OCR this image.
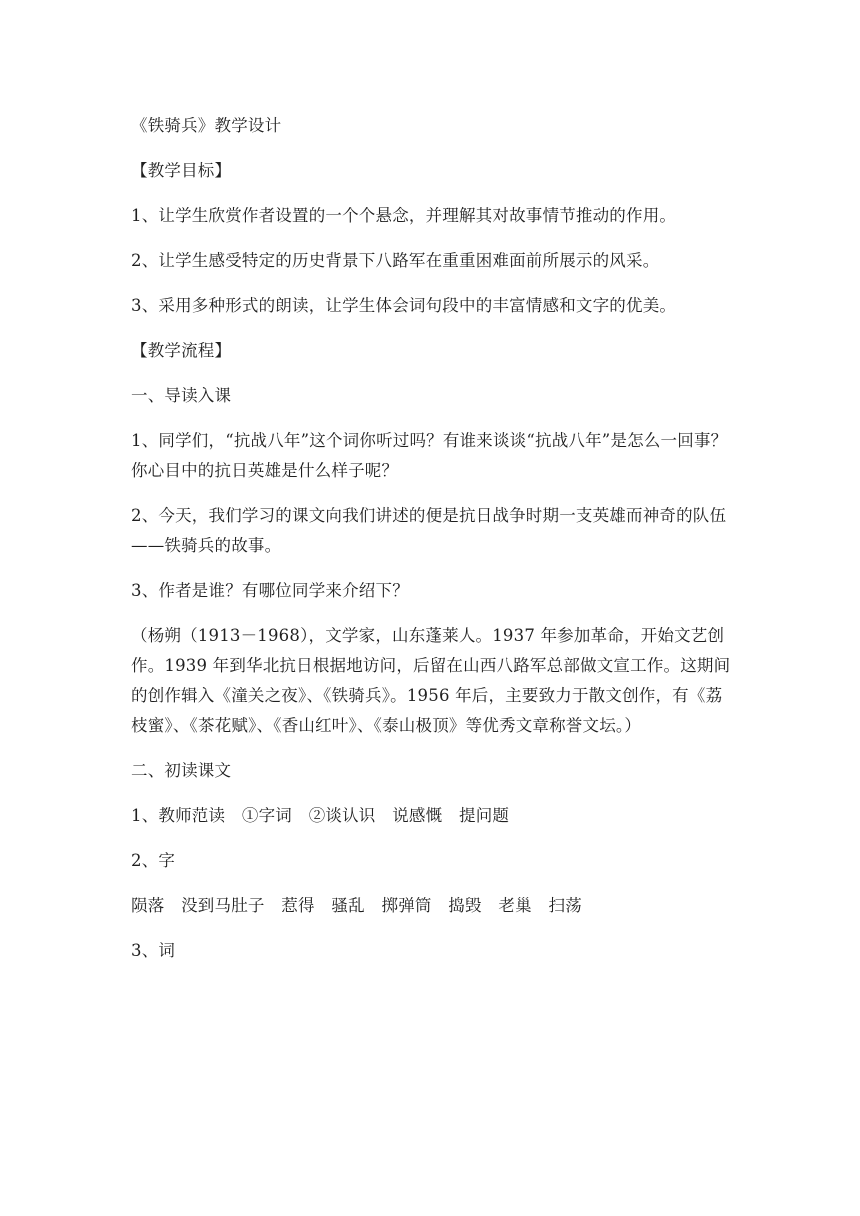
《铁骑兵》教学设计

【教学目标】

1、让学生欣赏作者设置的一个个悬念，并理解其对故事情节推动的作用。

2、让学生感受特定的历史背景下八路军在重重困难面前所展示的风采。

3、采用多种形式的朗读，让学生体会词句段中的丰富情感和文字的优美。

【教学流程】

一、导读入课

1、同学们，“抗战八年”这个词你听过吗？有谁来谈谈“抗战八年”是怎么一回事？你心目中的抗日英雄是什么样子呢？

2、今天，我们学习的课文向我们讲述的便是抗日战争时期一支英雄而神奇的队伍——铁骑兵的故事。

3、作者是谁？有哪位同学来介绍下？

（杨朔（1913－1968），文学家，山东蓬莱人。1937 年参加革命，开始文艺创作。1939 年到华北抗日根据地访问，后留在山西八路军总部做文宣工作。这期间的创作辑入《潼关之夜》、《铁骑兵》。1956 年后，主要致力于散文创作，有《荔枝蜜》、《茶花赋》、《香山红叶》、《泰山极顶》等优秀文章称誉文坛。）

二、初读课文

1、教师范读　①字词　②谈认识　说感慨　提问题

2、字

陨落　没到马肚子　惹得　骚乱　掷弹筒　捣毁　老巢　扫荡

3、词
